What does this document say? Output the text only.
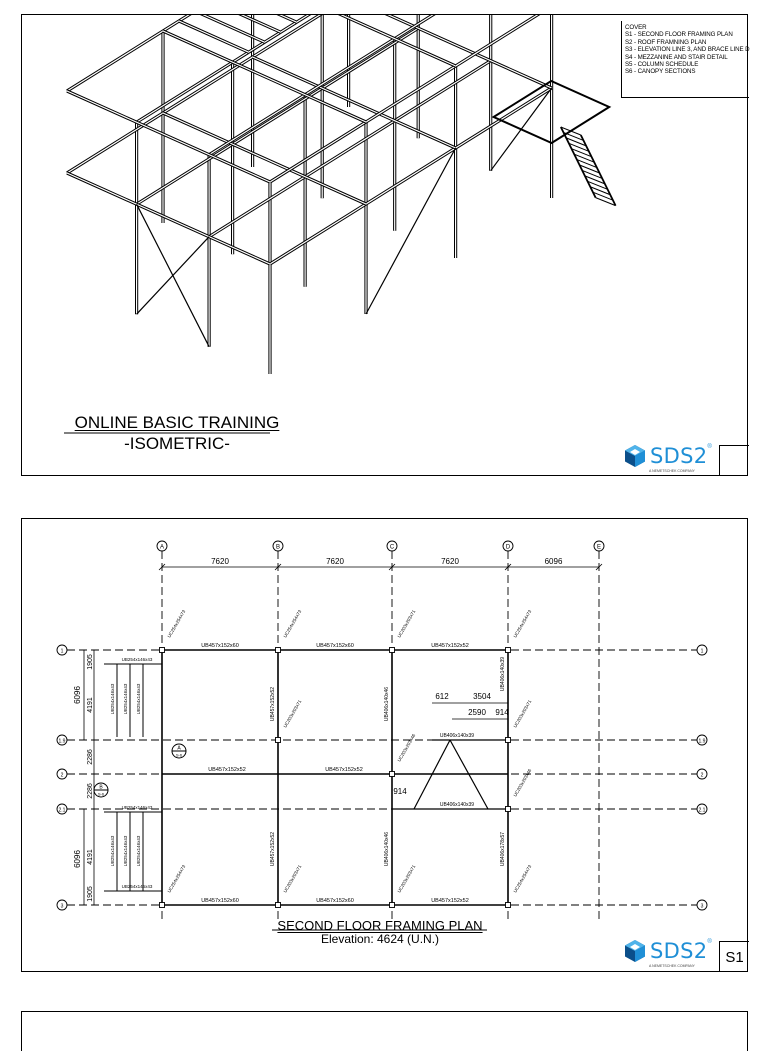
COVER
S1 - SECOND FLOOR FRAMING PLAN
S2 - ROOF FRAMNING PLAN
S3 - ELEVATION LINE 3, AND BRACE LINE D
S4 - MEZZANINE AND STAIR DETAIL
S5 - COLUMN SCHEDULE
S6 - CANOPY SECTIONS
ONLINE BASIC TRAINING
-ISOMETRIC-
SDS2 ®
A NEMETSCHEK COMPANY
A	B	C	D	E
1	1
1.9	1.9
2	2
2.1	2.1
3	3
7620	7620	7620	6096
6096
6096
1905
4191
2286
2286
4191
1905
UB457x152x60	UB457x152x60	UB457x152x52
UB457x152x52	UB457x152x52
UB457x152x60	UB457x152x60	UB457x152x52
UB457x152x52	UB406x140x46
UB406x140x39
UB406x140x46
UB457x152x52	UB406x178x57
UB254x146x43
UB254x146x43
UB254x146x43
UB254x146x43
UB254x146x43
UB254x146x43
UB254x146x43
UB254x146x43
UB254x146x43
UB406x140x39
UB406x140x39
612	3504
2590 914
914
A
S-6
B
S-6
UC254x254x73	UC254x254x73	UC203x203x71	UC254x254x73
UC203x203x71	UC203x203x71
UC203x203x46
UC203x203x46
UC254x254x73	UC203x203x71	UC203x203x71	UC254x254x73
SECOND FLOOR FRAMING PLAN
Elevation: 4624 (U.N.)	SDS2 ®
A NEMETSCHEK COMPANY
S1
